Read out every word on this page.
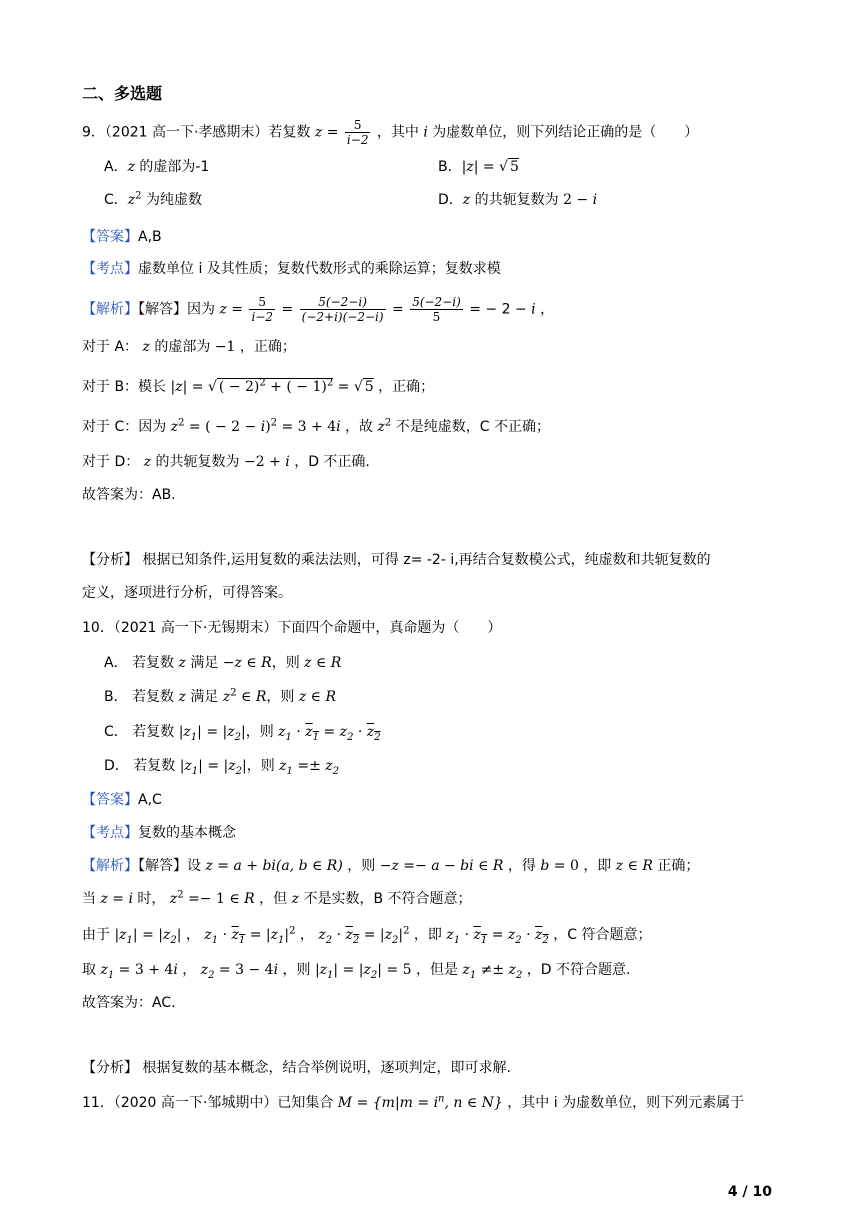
二、多选题
9．（2021 高一下·孝感期末）若复数 $z = \frac{5}{i-2}$ ，其中 i 为虚数单位，则下列结论正确的是（　　）
A．z 的虚部为-1	B．|z| = √ 5
C．$z^2$ 为纯虚数	D．z 的共轭复数为 2 − i
【答案】A,B
【考点】虚数单位 i 及其性质；复数代数形式的乘除运算；复数求模
【解析】【解答】因为 $z = \frac{5}{i-2} = \frac{5(-2-i)}{(-2+i)(-2-i)} = \frac{5(-2-i)}{5}$ = − 2 − i ，
对于 A： z 的虚部为 −1 ，正确；
对于 B：模长 |z| = √ ( − 2)$^2$ + ( − 1)$^2$ = √ 5 ，正确；
对于 C：因为 $z^2$ = ( − 2 − i)$^2$ = 3 + 4i ，故 $z^2$ 不是纯虚数，C 不正确；
对于 D： z 的共轭复数为 −2 + i ，D 不正确.
故答案为：AB.
【分析】 根据已知条件,运用复数的乘法法则，可得 z= -2- i,再结合复数模公式，纯虚数和共轭复数的
定义，逐项进行分析，可得答案。
10．（2021 高一下·无锡期末）下面四个命题中，真命题为（　　）
A． 若复数 z 满足 −z ∈ R，则 z ∈ R
B． 若复数 z 满足 $z^2$ ∈ R，则 z ∈ R
C． 若复数 $|z_1| = |z_2|$，则 $z_1 \cdot z_1 = z_2 \cdot z_2$
D． 若复数 $|z_1| = |z_2|$，则 $z_1 =\pm z_2$
【答案】A,C
【考点】复数的基本概念
【解析】【解答】设 z = a + bi(a, b ∈ R) ，则 −z =− a − bi ∈ R ，得 b = 0 ，即 z ∈ R 正确；
当 z = i 时， $z^2 =- 1$ ∈ R ，但 z 不是实数，B 不符合题意；
由于 $|z_1| = |z_2|$ ， $z_1 \cdot z_1 = |z_1|^2$ ， $z_2 \cdot z_2 = |z_2|^2$ ，即 $z_1 \cdot z_1 = z_2 \cdot z_2$ ，C 符合题意；
取 $z_1 = 3 + 4i$ ， $z_2 = 3 - 4i$ ，则 $|z_1| = |z_2| = 5$ ，但是 $z_1 \ne\pm z_2$ ，D 不符合题意.
故答案为：AC.
【分析】 根据复数的基本概念，结合举例说明，逐项判定，即可求解.
11．（2020 高一下·邹城期中）已知集合 $M = \{m|m = i^n$, n ∈ N} ，其中 i 为虚数单位，则下列元素属于
4 / 10
